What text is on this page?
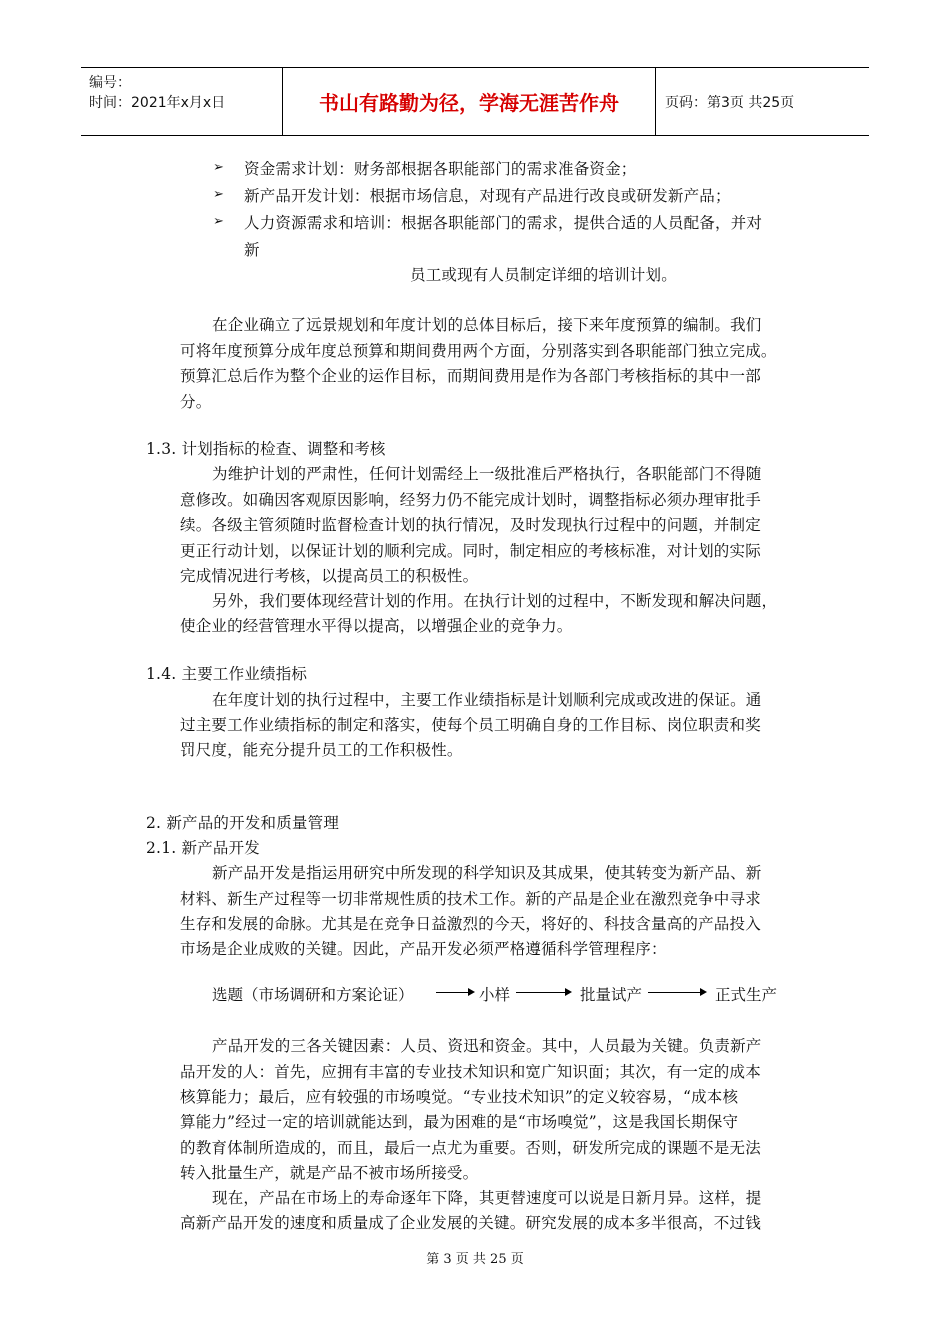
编号：
时间：2021年x月x日	书山有路勤为径，学海无涯苦作舟	页码：第3页 共25页
➢ 资金需求计划：财务部根据各职能部门的需求准备资金；
➢ 新产品开发计划：根据市场信息，对现有产品进行改良或研发新产品；
➢ 人力资源需求和培训：根据各职能部门的需求，提供合适的人员配备，并对
新
员工或现有人员制定详细的培训计划。
在企业确立了远景规划和年度计划的总体目标后，接下来年度预算的编制。我们
可将年度预算分成年度总预算和期间费用两个方面，分别落实到各职能部门独立完成。
预算汇总后作为整个企业的运作目标，而期间费用是作为各部门考核指标的其中一部
分。
1.3. 计划指标的检查、调整和考核
为维护计划的严肃性，任何计划需经上一级批准后严格执行，各职能部门不得随
意修改。如确因客观原因影响，经努力仍不能完成计划时，调整指标必须办理审批手
续。各级主管须随时监督检查计划的执行情况，及时发现执行过程中的问题，并制定
更正行动计划，以保证计划的顺利完成。同时，制定相应的考核标准，对计划的实际
完成情况进行考核，以提高员工的积极性。
另外，我们要体现经营计划的作用。在执行计划的过程中，不断发现和解决问题，
使企业的经营管理水平得以提高，以增强企业的竞争力。
1.4. 主要工作业绩指标
在年度计划的执行过程中，主要工作业绩指标是计划顺利完成或改进的保证。通
过主要工作业绩指标的制定和落实，使每个员工明确自身的工作目标、岗位职责和奖
罚尺度，能充分提升员工的工作积极性。
2. 新产品的开发和质量管理
2.1. 新产品开发
新产品开发是指运用研究中所发现的科学知识及其成果，使其转变为新产品、新
材料、新生产过程等一切非常规性质的技术工作。新的产品是企业在激烈竞争中寻求
生存和发展的命脉。尤其是在竞争日益激烈的今天，将好的、科技含量高的产品投入
市场是企业成败的关键。因此，产品开发必须严格遵循科学管理程序：
选题（市场调研和方案论证）	小样	批量试产	正式生产
产品开发的三各关键因素：人员、资迅和资金。其中，人员最为关键。负责新产
品开发的人：首先，应拥有丰富的专业技术知识和宽广知识面；其次，有一定的成本
核算能力；最后，应有较强的市场嗅觉。“专业技术知识”的定义较容易，“成本核
算能力”经过一定的培训就能达到，最为困难的是“市场嗅觉”，这是我国长期保守
的教育体制所造成的，而且，最后一点尤为重要。否则，研发所完成的课题不是无法
转入批量生产，就是产品不被市场所接受。
现在，产品在市场上的寿命逐年下降，其更替速度可以说是日新月异。这样，提
高新产品开发的速度和质量成了企业发展的关键。研究发展的成本多半很高，不过钱
第 3 页 共 25 页
